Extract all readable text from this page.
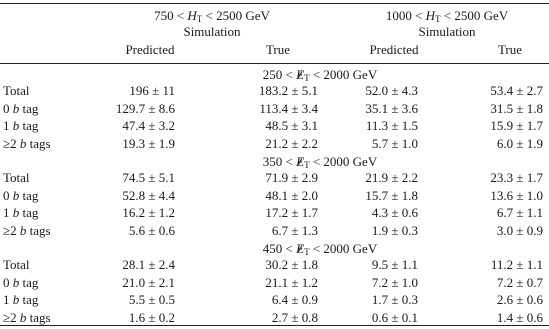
$750 < H_T < 2500$ GeV
Simulation
$1000 < H_T < 2500$ GeV
Simulation
Predicted	True	Predicted	True
$250 < E_T < 2000$ GeV
Total	196 ± 11	183.2 ± 5.1	52.0 ± 4.3	53.4 ± 2.7
0 b tag	129.7 ± 8.6	113.4 ± 3.4	35.1 ± 3.6	31.5 ± 1.8
1 b tag	47.4 ± 3.2	48.5 ± 3.1	11.3 ± 1.5	15.9 ± 1.7
≥2 b tags	19.3 ± 1.9	21.2 ± 2.2	5.7 ± 1.0	6.0 ± 1.9
$350 < E_T < 2000$ GeV
Total	74.5 ± 5.1	71.9 ± 2.9	21.9 ± 2.2	23.3 ± 1.7
0 b tag	52.8 ± 4.4	48.1 ± 2.0	15.7 ± 1.8	13.6 ± 1.0
1 b tag	16.2 ± 1.2	17.2 ± 1.7	4.3 ± 0.6	6.7 ± 1.1
≥2 b tags	5.6 ± 0.6	6.7 ± 1.3	1.9 ± 0.3	3.0 ± 0.9
$450 < E_T < 2000$ GeV
Total	28.1 ± 2.4	30.2 ± 1.8	9.5 ± 1.1	11.2 ± 1.1
0 b tag	21.0 ± 2.1	21.1 ± 1.2	7.2 ± 1.0	7.2 ± 0.7
1 b tag	5.5 ± 0.5	6.4 ± 0.9	1.7 ± 0.3	2.6 ± 0.6
≥2 b tags	1.6 ± 0.2	2.7 ± 0.8	0.6 ± 0.1	1.4 ± 0.6
